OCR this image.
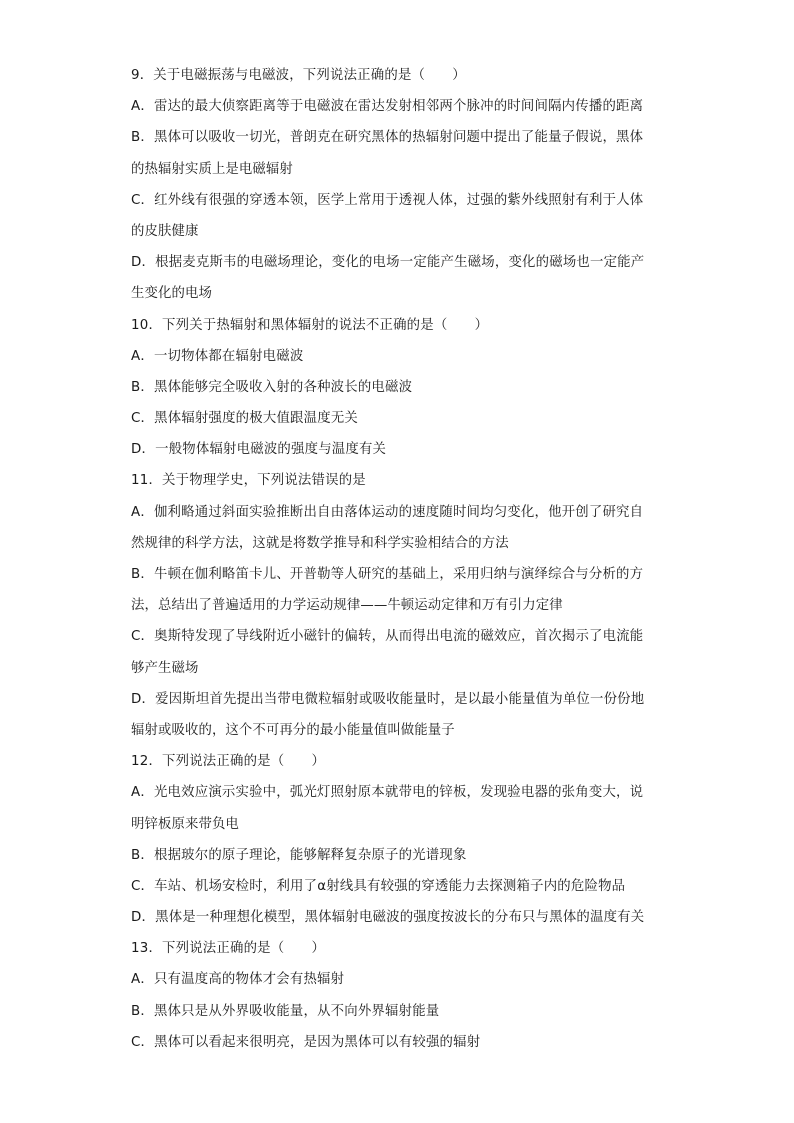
9．关于电磁振荡与电磁波，下列说法正确的是（　　）
A．雷达的最大侦察距离等于电磁波在雷达发射相邻两个脉冲的时间间隔内传播的距离
B．黑体可以吸收一切光，普朗克在研究黑体的热辐射问题中提出了能量子假说，黑体
的热辐射实质上是电磁辐射
C．红外线有很强的穿透本领，医学上常用于透视人体，过强的紫外线照射有利于人体
的皮肤健康
D．根据麦克斯韦的电磁场理论，变化的电场一定能产生磁场，变化的磁场也一定能产
生变化的电场
10．下列关于热辐射和黑体辐射的说法不正确的是（　　）
A．一切物体都在辐射电磁波
B．黑体能够完全吸收入射的各种波长的电磁波
C．黑体辐射强度的极大值跟温度无关
D．一般物体辐射电磁波的强度与温度有关
11．关于物理学史，下列说法错误的是
A．伽利略通过斜面实验推断出自由落体运动的速度随时间均匀变化，他开创了研究自
然规律的科学方法，这就是将数学推导和科学实验相结合的方法
B．牛顿在伽利略笛卡儿、开普勒等人研究的基础上，采用归纳与演绎综合与分析的方
法，总结出了普遍适用的力学运动规律——牛顿运动定律和万有引力定律
C．奥斯特发现了导线附近小磁针的偏转，从而得出电流的磁效应，首次揭示了电流能
够产生磁场
D．爱因斯坦首先提出当带电微粒辐射或吸收能量时，是以最小能量值为单位一份份地
辐射或吸收的，这个不可再分的最小能量值叫做能量子
12．下列说法正确的是（　　）
A．光电效应演示实验中，弧光灯照射原本就带电的锌板，发现验电器的张角变大，说
明锌板原来带负电
B．根据玻尔的原子理论，能够解释复杂原子的光谱现象
C．车站、机场安检时，利用了α射线具有较强的穿透能力去探测箱子内的危险物品
D．黑体是一种理想化模型，黑体辐射电磁波的强度按波长的分布只与黑体的温度有关
13．下列说法正确的是（　　）
A．只有温度高的物体才会有热辐射
B．黑体只是从外界吸收能量，从不向外界辐射能量
C．黑体可以看起来很明亮，是因为黑体可以有较强的辐射
